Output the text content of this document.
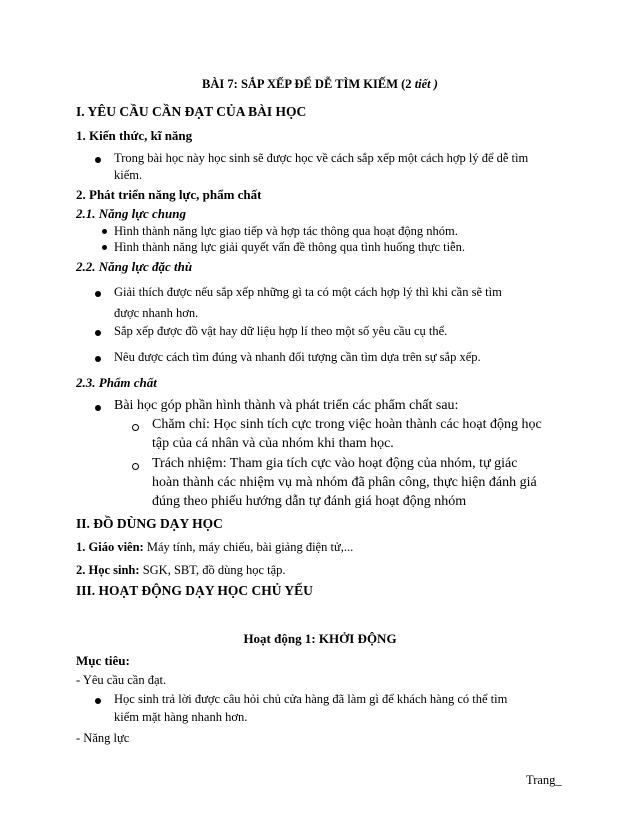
BÀI 7: SẮP XẾP ĐỂ DỄ TÌM KIẾM (2 tiết )
I. YÊU CẦU CẦN ĐẠT CỦA BÀI HỌC
1. Kiến thức, kĩ năng
Trong bài học này học sinh sẽ được học về cách sắp xếp một cách hợp lý để dễ tìm
kiếm.
2. Phát triển năng lực, phẩm chất
2.1. Năng lực chung
Hình thành năng lực giao tiếp và hợp tác thông qua hoạt động nhóm.
Hình thành năng lực giải quyết vấn đề thông qua tình huống thực tiễn.
2.2. Năng lực đặc thù
Giải thích được nếu sắp xếp những gì ta có một cách hợp lý thì khi cần sẽ tìm
được nhanh hơn.
Sắp xếp được đồ vật hay dữ liệu hợp lí theo một số yêu cầu cụ thể.
Nêu được cách tìm đúng và nhanh đối tượng cần tìm dựa trên sự sắp xếp.
2.3. Phẩm chất
Bài học góp phần hình thành và phát triển các phẩm chất sau:
Chăm chỉ: Học sinh tích cực trong việc hoàn thành các hoạt động học
tập của cá nhân và của nhóm khi tham học.
Trách nhiệm: Tham gia tích cực vào hoạt động của nhóm, tự giác
hoàn thành các nhiệm vụ mà nhóm đã phân công, thực hiện đánh giá
đúng theo phiếu hướng dẫn tự đánh giá hoạt động nhóm
II. ĐỒ DÙNG DẠY HỌC
1. Giáo viên: Máy tính, máy chiếu, bài giảng điện tử,...
2. Học sinh: SGK, SBT, đồ dùng học tập.
III. HOẠT ĐỘNG DẠY HỌC CHỦ YẾU
Hoạt động 1: KHỞI ĐỘNG
Mục tiêu:
- Yêu cầu cần đạt.
Học sinh trả lời được câu hỏi chủ cửa hàng đã làm gì để khách hàng có thể tìm
kiếm mặt hàng nhanh hơn.
- Năng lực
Trang_
